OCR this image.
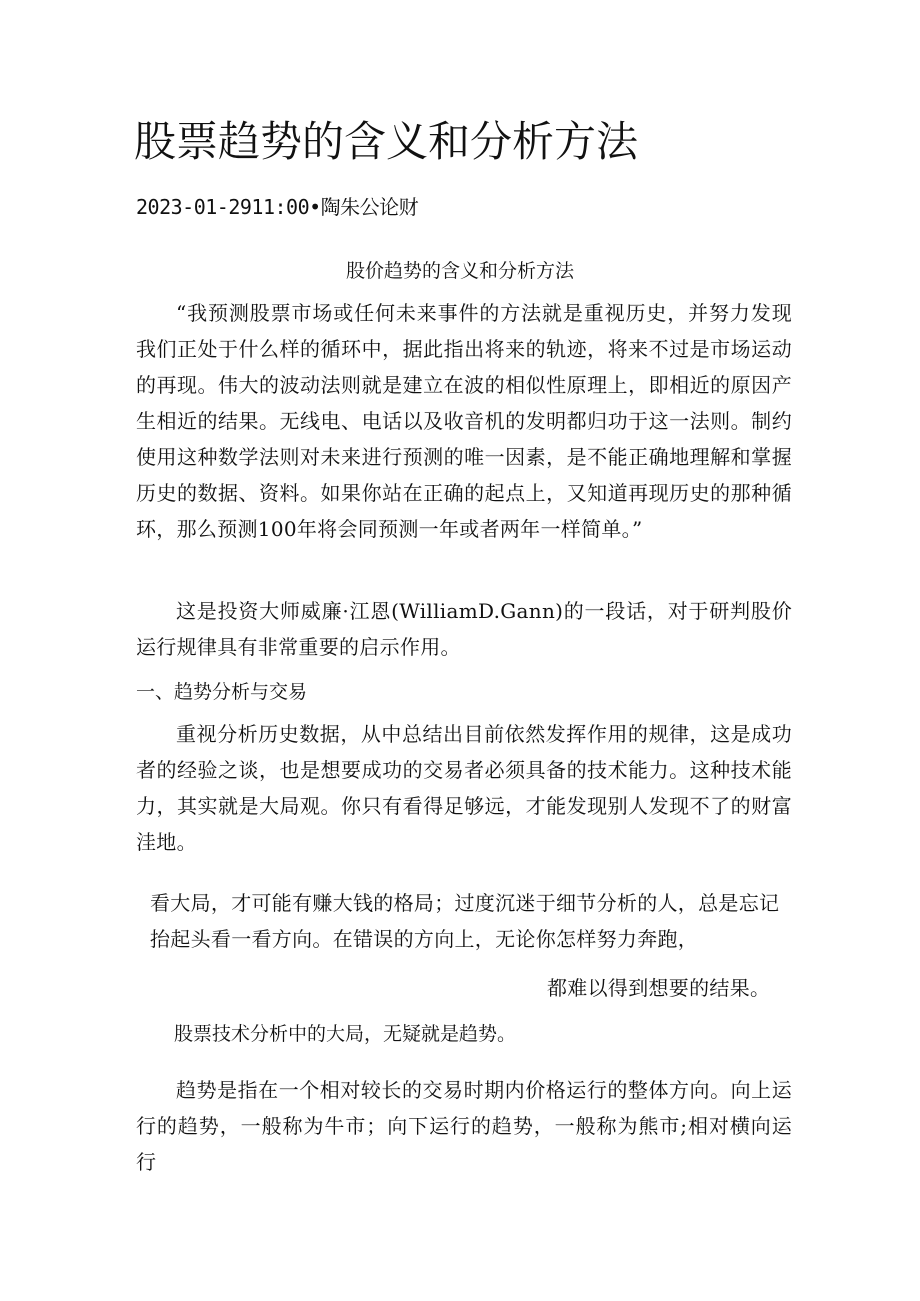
股票趋势的含义和分析方法
2023-01-2911:00•陶朱公论财
股价趋势的含义和分析方法
“我预测股票市场或任何未来事件的方法就是重视历史，并努力发现我们正处于什么样的循环中，据此指出将来的轨迹，将来不过是市场运动的再现。伟大的波动法则就是建立在波的相似性原理上，即相近的原因产生相近的结果。无线电、电话以及收音机的发明都归功于这一法则。制约使用这种数学法则对未来进行预测的唯一因素，是不能正确地理解和掌握历史的数据、资料。如果你站在正确的起点上，又知道再现历史的那种循环，那么预测100年将会同预测一年或者两年一样简单。”
这是投资大师威廉·江恩(WilliamD.Gann)的一段话，对于研判股价运行规律具有非常重要的启示作用。
一、趋势分析与交易
重视分析历史数据，从中总结出目前依然发挥作用的规律，这是成功者的经验之谈，也是想要成功的交易者必须具备的技术能力。这种技术能力，其实就是大局观。你只有看得足够远，才能发现别人发现不了的财富洼地。
看大局，才可能有赚大钱的格局；过度沉迷于细节分析的人，总是忘记抬起头看一看方向。在错误的方向上，无论你怎样努力奔跑，
都难以得到想要的结果。
股票技术分析中的大局，无疑就是趋势。
趋势是指在一个相对较长的交易时期内价格运行的整体方向。向上运行的趋势，一般称为牛市；向下运行的趋势，一般称为熊市;相对横向运行
